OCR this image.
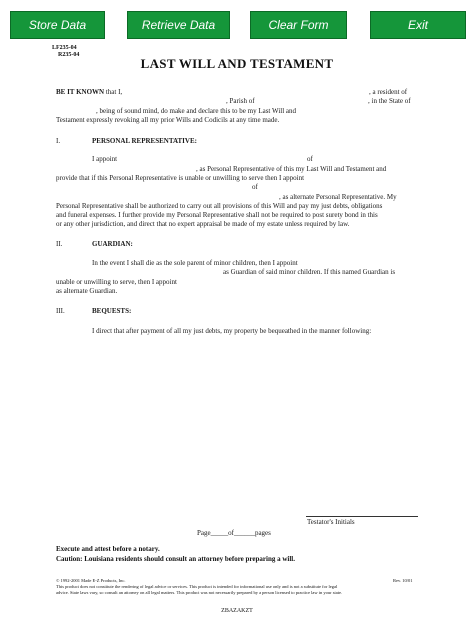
Store Data	Retrieve Data	Clear Form	Exit
LF235-04
R235-04
LAST WILL AND TESTAMENT
BE IT KNOWN that I,	, a resident of
, Parish of	, in the State of
, being of sound mind, do make and declare this to be my Last Will and
Testament expressly revoking all my prior Wills and Codicils at any time made.
I.	PERSONAL REPRESENTATIVE:
I appoint	of
, as Personal Representative of this my Last Will and Testament and
provide that if this Personal Representative is unable or unwilling to serve then I appoint
of
, as alternate Personal Representative. My
Personal Representative shall be authorized to carry out all provisions of this Will and pay my just debts, obligations
and funeral expenses. I further provide my Personal Representative shall not be required to post surety bond in this
or any other jurisdiction, and direct that no expert appraisal be made of my estate unless required by law.
II.	GUARDIAN:
In the event I shall die as the sole parent of minor children, then I appoint
as Guardian of said minor children. If this named Guardian is
unable or unwilling to serve, then I appoint
as alternate Guardian.
III.	BEQUESTS:
I direct that after payment of all my just debts, my property be bequeathed in the manner following:
Testator's Initials
Page_____of______pages
Execute and attest before a notary.
Caution: Louisiana residents should consult an attorney before preparing a will.
© 1992-2001 Made E-Z Products, Inc.	Rev. 10/01
This product does not constitute the rendering of legal advice or services. This product is intended for informational use only and is not a substitute for legal
advice. State laws vary, so consult an attorney on all legal matters. This product was not necessarily prepared by a person licensed to practice law in your state.
ZBAZAKZT
